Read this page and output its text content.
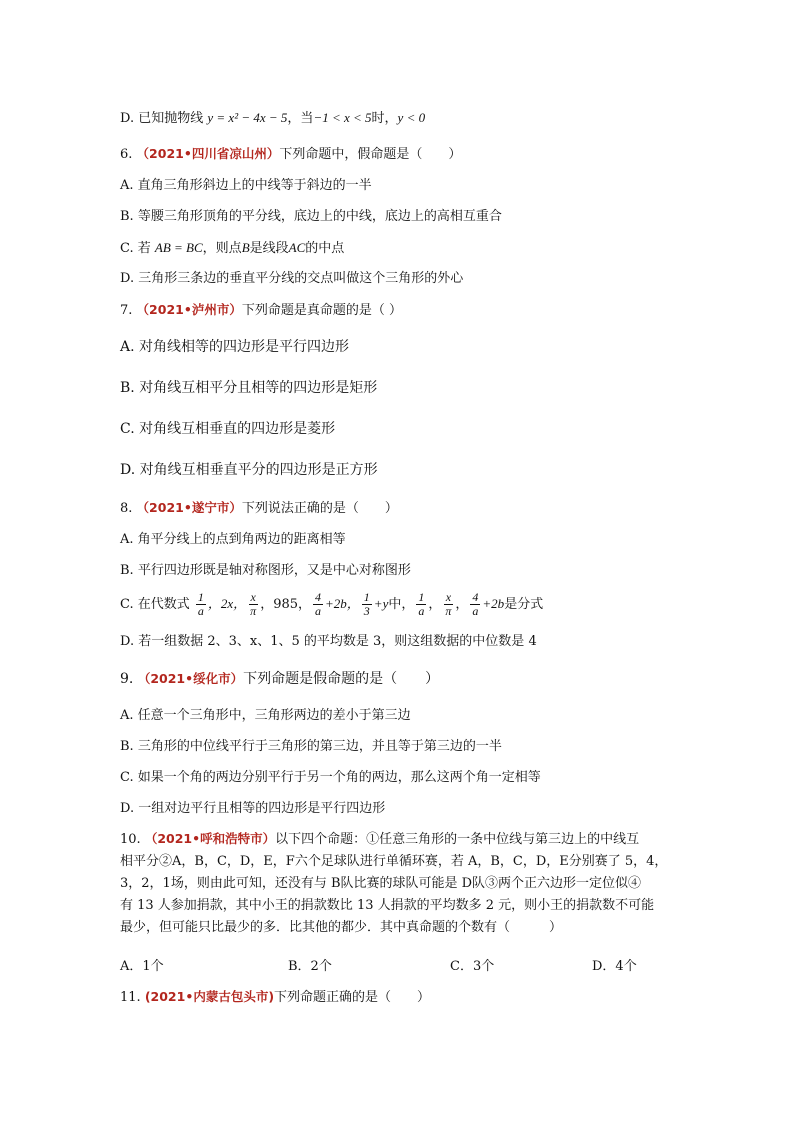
D. 已知抛物线 y = x² − 4x − 5，当−1 < x < 5时，y < 0
6. （2021•四川省凉山州）下列命题中，假命题是（　　）
A. 直角三角形斜边上的中线等于斜边的一半
B. 等腰三角形顶角的平分线，底边上的中线，底边上的高相互重合
C. 若 AB = BC，则点B是线段AC的中点
D. 三角形三条边的垂直平分线的交点叫做这个三角形的外心
7. （2021•泸州市）下列命题是真命题的是（ ）
A. 对角线相等的四边形是平行四边形
B. 对角线互相平分且相等的四边形是矩形
C. 对角线互相垂直的四边形是菱形
D. 对角线互相垂直平分的四边形是正方形
8. （2021•遂宁市）下列说法正确的是（　　）
A. 角平分线上的点到角两边的距离相等
B. 平行四边形既是轴对称图形，又是中心对称图形
C. 在代数式 $\frac{1}{a}$ ，2x， $\frac{x}{\pi}$ ，985， $\frac{4}{a} +2b$， $\frac{1}{3} +y$中， $\frac{1}{a}$ ， $\frac{x}{\pi}$ ， $\frac{4}{a} +2b$是分式
D. 若一组数据 2、3、x、1、5 的平均数是 3，则这组数据的中位数是 4
9. （2021•绥化市）下列命题是假命题的是（　　）
A. 任意一个三角形中，三角形两边的差小于第三边
B. 三角形的中位线平行于三角形的第三边，并且等于第三边的一半
C. 如果一个角的两边分别平行于另一个角的两边，那么这两个角一定相等
D. 一组对边平行且相等的四边形是平行四边形
10. （2021•呼和浩特市）以下四个命题：①任意三角形的一条中位线与第三边上的中线互
相平分②A，B，C，D，E，F六个足球队进行单循环赛，若 A，B，C，D，E分别赛了 5，4，
3，2，1场，则由此可知，还没有与 B队比赛的球队可能是 D队③两个正六边形一定位似④
有 13 人参加捐款，其中小王的捐款数比 13 人捐款的平均数多 2 元，则小王的捐款数不可能
最少，但可能只比最少的多．比其他的都少．其中真命题的个数有（　　　）
A．1个	B．2个	C．3个	D．4个
11. (2021•内蒙古包头市)下列命题正确的是（　　）
